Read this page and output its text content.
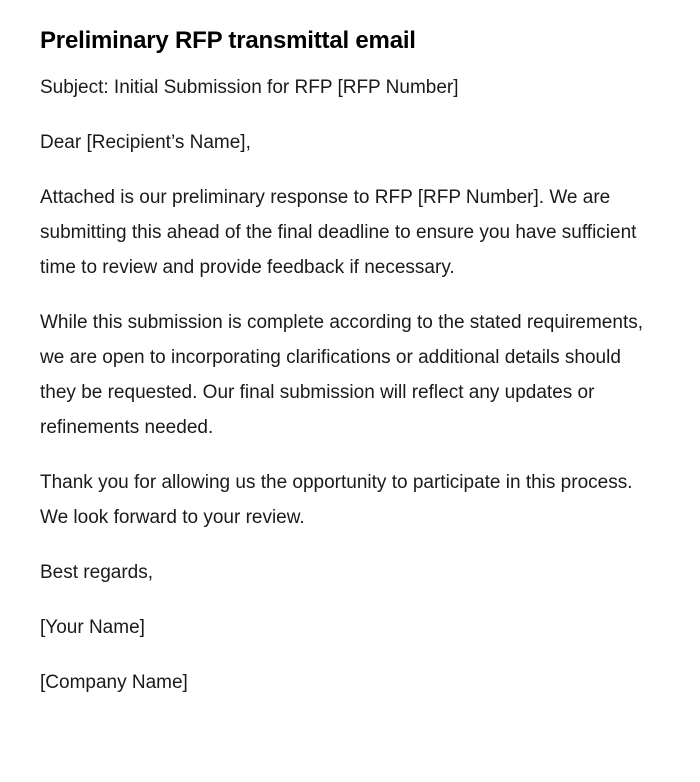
Preliminary RFP transmittal email

Subject: Initial Submission for RFP [RFP Number]

Dear [Recipient’s Name],

Attached is our preliminary response to RFP [RFP Number]. We are submitting this ahead of the final deadline to ensure you have sufficient time to review and provide feedback if necessary.

While this submission is complete according to the stated requirements, we are open to incorporating clarifications or additional details should they be requested. Our final submission will reflect any updates or refinements needed.

Thank you for allowing us the opportunity to participate in this process. We look forward to your review.

Best regards,

[Your Name]

[Company Name]
